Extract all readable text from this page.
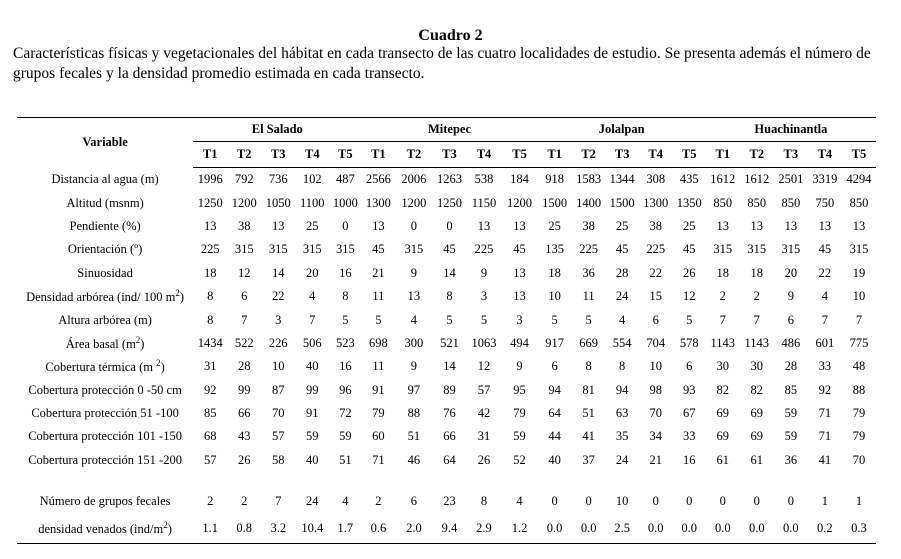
Cuadro 2

Características físicas y vegetacionales del hábitat en cada transecto de las cuatro localidades de estudio. Se presenta además el número de grupos fecales y la densidad promedio estimada en cada transecto.

Variable	El Salado					Mitepec					Jolalpan					Huachinantla				
	T1	T2	T3	T4	T5	T1	T2	T3	T4	T5	T1	T2	T3	T4	T5	T1	T2	T3	T4	T5
Distancia al agua (m)	1996	792	736	102	487	2566	2006	1263	538	184	918	1583	1344	308	435	1612	1612	2501	3319	4294
Altitud (msnm)	1250	1200	1050	1100	1000	1300	1200	1250	1150	1200	1500	1400	1500	1300	1350	850	850	850	750	850
Pendiente (%)	13	38	13	25	0	13	0	0	13	13	25	38	25	38	25	13	13	13	13	13
Orientación (º)	225	315	315	315	315	45	315	45	225	45	135	225	45	225	45	315	315	315	45	315
Sinuosidad	18	12	14	20	16	21	9	14	9	13	18	36	28	22	26	18	18	20	22	19
Densidad arbórea (ind/ 100 $m^2$)	8	6	22	4	8	11	13	8	3	13	10	11	24	15	12	2	2	9	4	10
Altura arbórea (m)	8	7	3	7	5	5	4	5	5	3	5	5	4	6	5	7	7	6	7	7
Área basal $(m^2)$	1434	522	226	506	523	698	300	521	1063	494	917	669	554	704	578	1143	1143	486	601	775
Cobertura térmica (m $^2$)	31	28	10	40	16	11	9	14	12	9	6	8	8	10	6	30	30	28	33	48
Cobertura protección 0 -50 cm	92	99	87	99	96	91	97	89	57	95	94	81	94	98	93	82	82	85	92	88
Cobertura protección 51 -100	85	66	70	91	72	79	88	76	42	79	64	51	63	70	67	69	69	59	71	79
Cobertura protección 101 -150	68	43	57	59	59	60	51	66	31	59	44	41	35	34	33	69	69	59	71	79
Cobertura protección 151 -200	57	26	58	40	51	71	46	64	26	52	40	37	24	21	16	61	61	36	41	70

Número de grupos fecales	2	2	7	24	4	2	6	23	8	4	0	0	10	0	0	0	0	0	1	1
densidad venados $(ind/m^2)$	1.1	0.8	3.2	10.4	1.7	0.6	2.0	9.4	2.9	1.2	0.0	0.0	2.5	0.0	0.0	0.0	0.0	0.0	0.2	0.3
